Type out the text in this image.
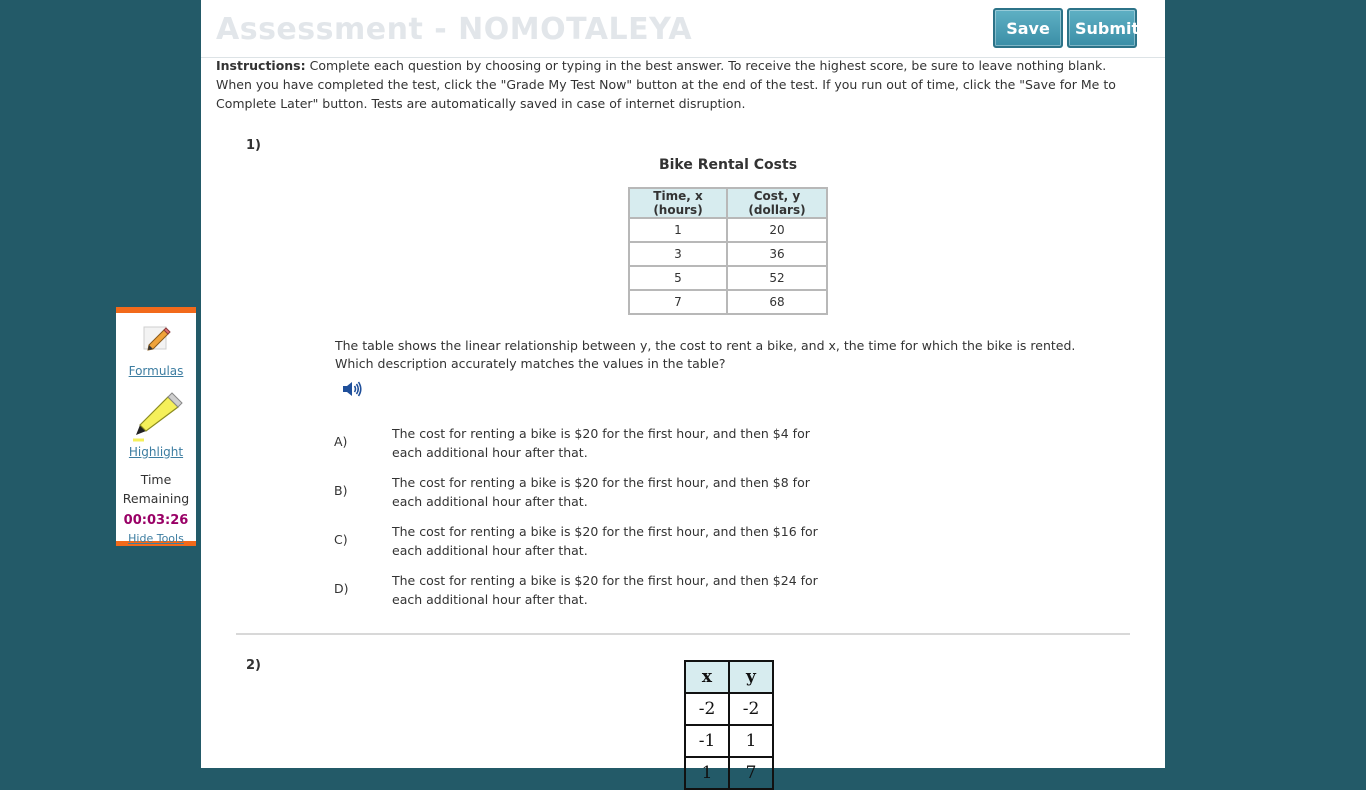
Assessment - NOMOTALEYA	Save	Submit
Instructions: Complete each question by choosing or typing in the best answer. To receive the highest score, be sure to leave nothing blank. When you have completed the test, click the "Grade My Test Now" button at the end of the test. If you run out of time, click the "Save for Me to Complete Later" button. Tests are automatically saved in case of internet disruption.
1)
Bike Rental Costs
Time, x (hours)	Cost, y (dollars)
1	20
3	36
5	52
7	68
The table shows the linear relationship between y, the cost to rent a bike, and x, the time for which the bike is rented. Which description accurately matches the values in the table?
A)
The cost for renting a bike is $20 for the first hour, and then $4 for each additional hour after that.
B)
The cost for renting a bike is $20 for the first hour, and then $8 for each additional hour after that.
C)
The cost for renting a bike is $20 for the first hour, and then $16 for each additional hour after that.
D)
The cost for renting a bike is $20 for the first hour, and then $24 for each additional hour after that.
2)
x	y
-2	-2
-1	1
1	7
Formulas
Highlight
Time
Remaining
00:03:26
Hide Tools
